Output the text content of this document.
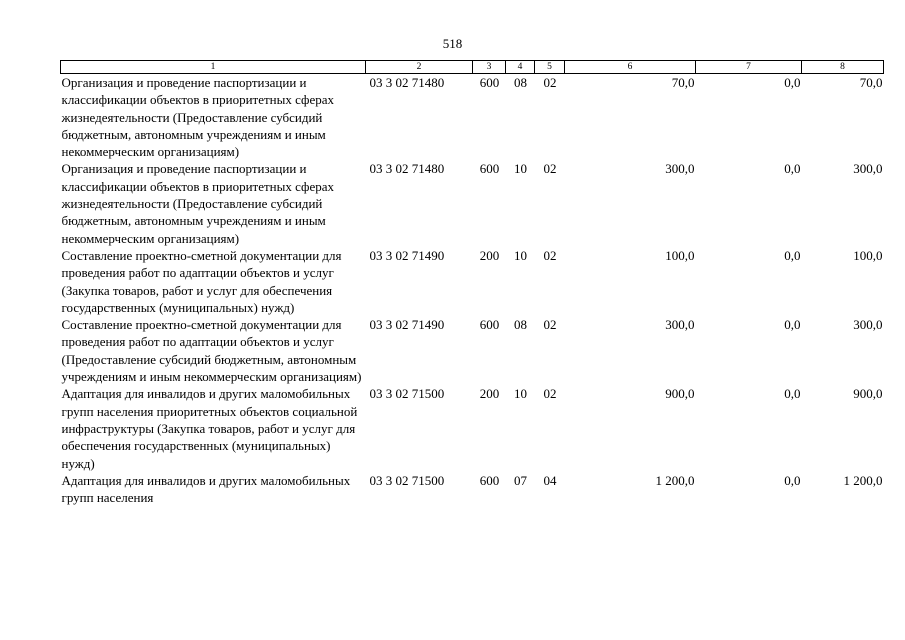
518
1	2	3	4	5	6	7	8
Организация и проведение паспортизации и классификации объектов в приоритетных сферах жизнедеятельности (Предоставление субсидий бюджетным, автономным учреждениям и иным некоммерческим организациям)	03 3 02 71480	600	08	02	70,0	0,0	70,0
Организация и проведение паспортизации и классификации объектов в приоритетных сферах жизнедеятельности (Предоставление субсидий бюджетным, автономным учреждениям и иным некоммерческим организациям)	03 3 02 71480	600	10	02	300,0	0,0	300,0
Составление проектно-сметной документации для проведения работ по адаптации объектов и услуг (Закупка товаров, работ и услуг для обеспечения государственных (муниципальных) нужд)	03 3 02 71490	200	10	02	100,0	0,0	100,0
Составление проектно-сметной документации для проведения работ по адаптации объектов и услуг (Предоставление субсидий бюджетным, автономным учреждениям и иным некоммерческим организациям)	03 3 02 71490	600	08	02	300,0	0,0	300,0
Адаптация для инвалидов и других маломобильных групп населения приоритетных объектов социальной инфраструктуры (Закупка товаров, работ и услуг для обеспечения государственных (муниципальных) нужд)	03 3 02 71500	200	10	02	900,0	0,0	900,0
Адаптация для инвалидов и других маломобильных групп населения	03 3 02 71500	600	07	04	1 200,0	0,0	1 200,0
